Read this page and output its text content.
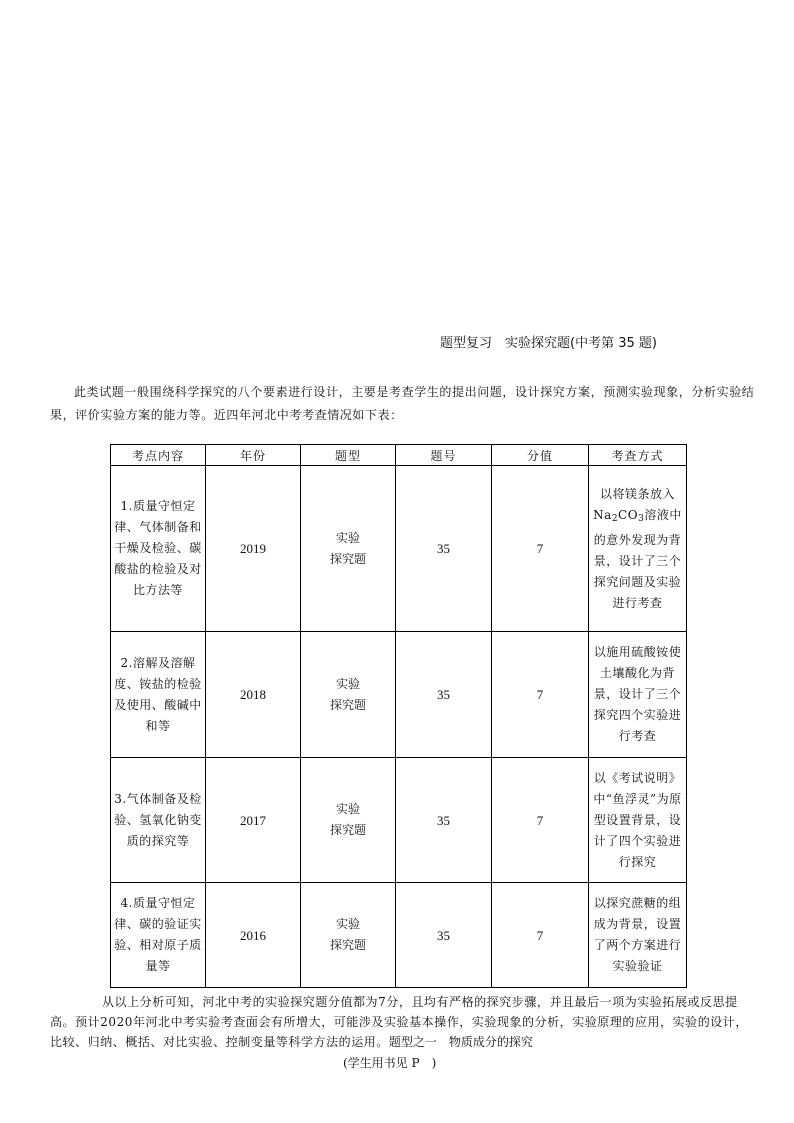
题型复习　实验探究题(中考第 35 题)
此类试题一般围绕科学探究的八个要素进行设计，主要是考查学生的提出问题，设计探究方案，预测实验现象，分析实验结果，评价实验方案的能力等。近四年河北中考考查情况如下表：
考点内容	年份	题型	题号	分值	考查方式
1.质量守恒定律、气体制备和干燥及检验、碳酸盐的检验及对比方法等	2019	实验
探究题	35	7	以将镁条放入$Na_2CO_3$溶液中的意外发现为背景，设计了三个探究问题及实验进行考查
2.溶解及溶解度、铵盐的检验及使用、酸碱中和等	2018	实验
探究题	35	7	以施用硫酸铵使土壤酸化为背景，设计了三个探究四个实验进行考查
3.气体制备及检验、氢氧化钠变质的探究等	2017	实验
探究题	35	7	以《考试说明》中“鱼浮灵”为原型设置背景，设计了四个实验进行探究
4.质量守恒定律、碳的验证实验、相对原子质量等	2016	实验
探究题	35	7	以探究蔗糖的组成为背景，设置了两个方案进行实验验证
从以上分析可知，河北中考的实验探究题分值都为7分，且均有严格的探究步骤，并且最后一项为实验拓展或反思提高。预计2020年河北中考实验考查面会有所增大，可能涉及实验基本操作，实验现象的分析，实验原理的应用，实验的设计，比较、归纳、概括、对比实验、控制变量等科学方法的运用。题型之一　物质成分的探究
(学生用书见 P　)
